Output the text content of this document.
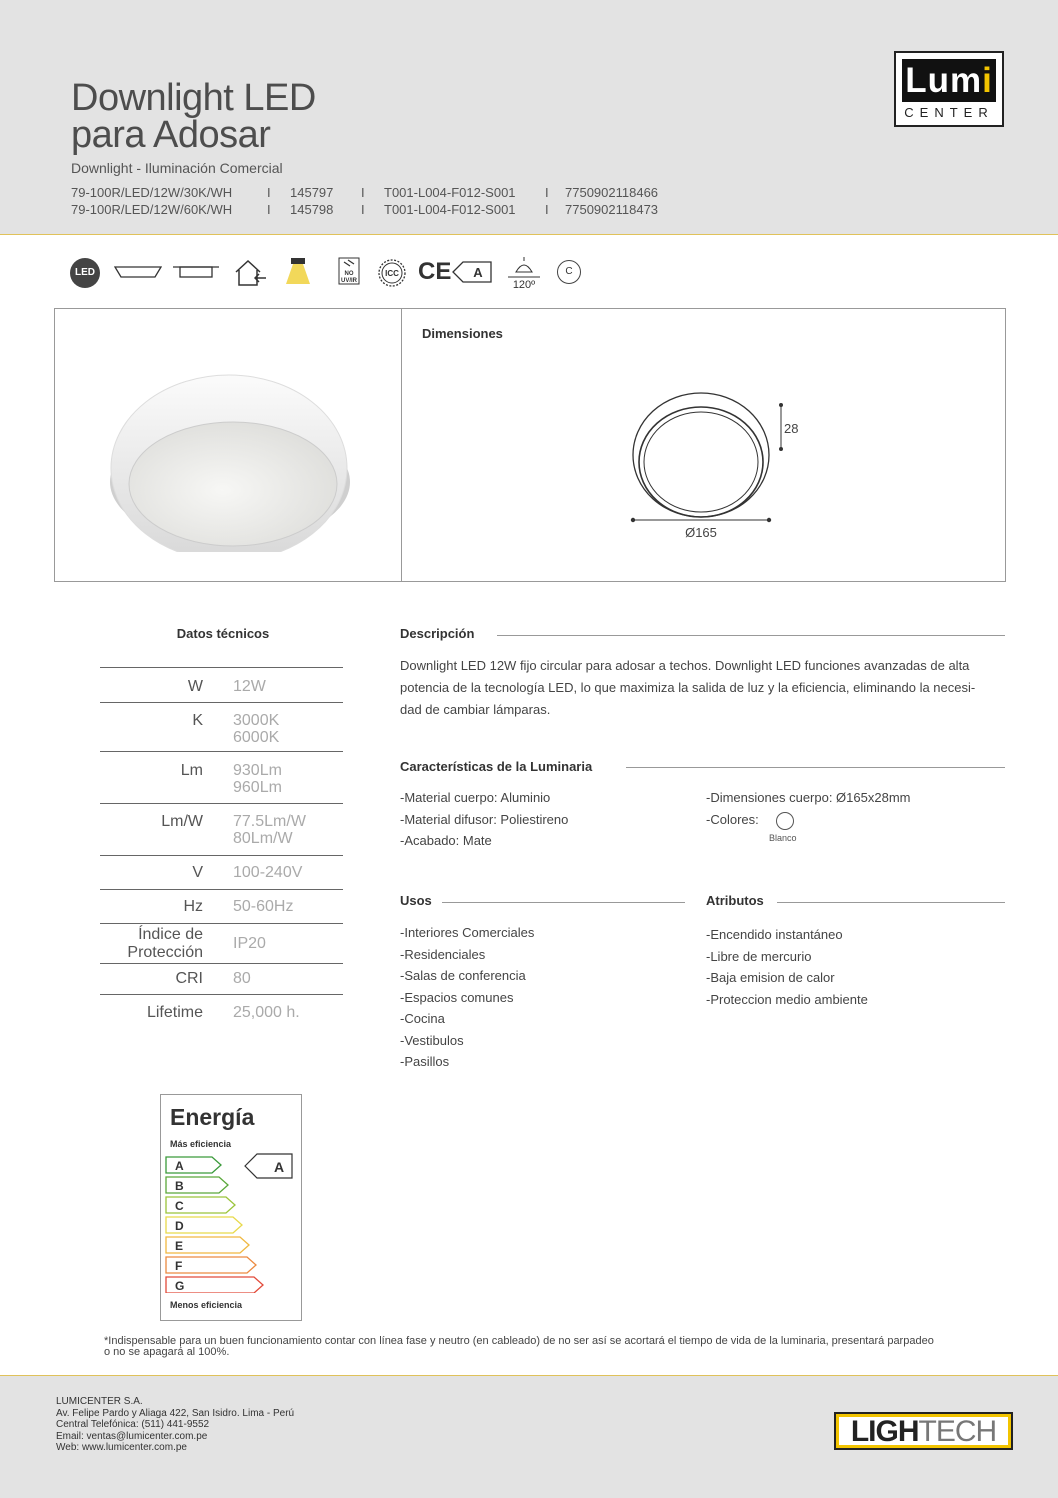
Downlight LED
para Adosar
Downlight - Iluminación Comercial
79-100R/LED/12W/30K/WH	I 145797 I T001-L004-F012-S001 I 7750902118466
79-100R/LED/12W/60K/WH	I 145798 I T001-L004-F012-S001 I 7750902118473
Lumi
CENTER
LED	NO
UV/IR
ICC CE A
120º
C
Dimensiones
28
Ø165
Datos técnicos
W 12W
K 3000K
6000K
Lm 930Lm
960Lm
Lm/W 77.5Lm/W
80Lm/W
V 100-240V
Hz 50-60Hz
Índice de
Protección
IP20
CRI 80
Lifetime 25,000 h.
Descripción
Downlight LED 12W fijo circular para adosar a techos. Downlight LED funciones avanzadas de alta
potencia de la tecnología LED, lo que maximiza la salida de luz y la eficiencia, eliminando la necesi-
dad de cambiar lámparas.
Características de la Luminaria
-Material cuerpo: Aluminio
-Material difusor: Poliestireno
-Acabado: Mate
-Dimensiones cuerpo: Ø165x28mm
-Colores:
Blanco
Usos
-Interiores Comerciales
-Residenciales
-Salas de conferencia
-Espacios comunes
-Cocina
-Vestibulos
-Pasillos
Atributos
-Encendido instantáneo
-Libre de mercurio
-Baja emision de calor
-Proteccion medio ambiente
Energía
Más eficiencia
A
B
C
D
E
F
G
A
Menos eficiencia
*Indispensable para un buen funcionamiento contar con línea fase y neutro (en cableado) de no ser así se acortará el tiempo de vida de la luminaria, presentará parpadeo
o no se apagará al 100%.
LUMICENTER S.A.
Av. Felipe Pardo y Aliaga 422, San Isidro. Lima - Perú
Central Telefónica: (511) 441-9552
Email: ventas@lumicenter.com.pe
Web: www.lumicenter.com.pe	LIGHTECH
